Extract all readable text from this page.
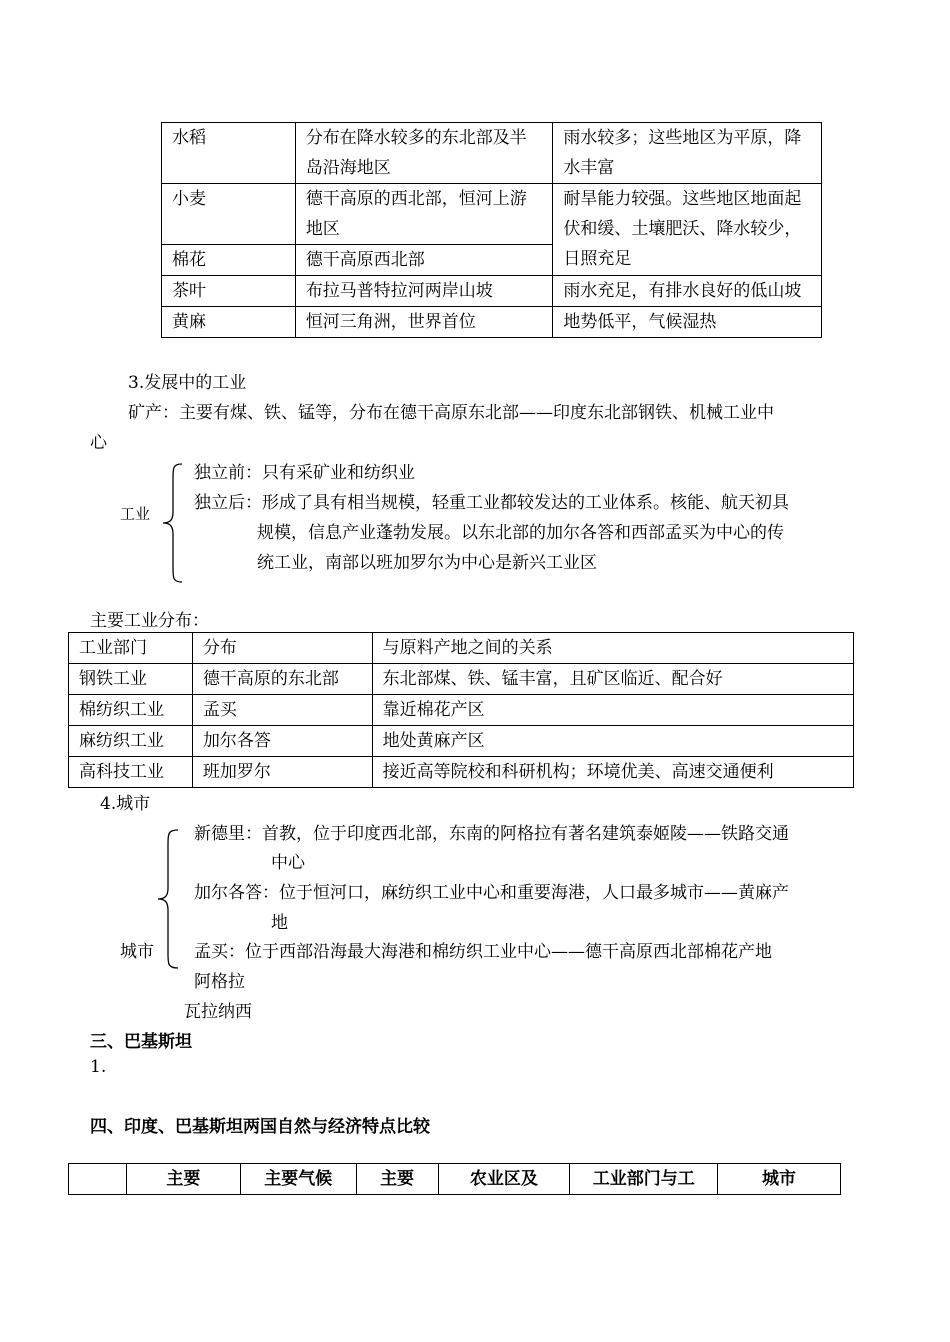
水稻	分布在降水较多的东北部及半岛沿海地区	雨水较多；这些地区为平原，降水丰富
小麦	德干高原的西北部，恒河上游地区	耐旱能力较强。这些地区地面起伏和缓、土壤肥沃、降水较少，日照充足
棉花	德干高原西北部	
茶叶	布拉马普特拉河两岸山坡	雨水充足，有排水良好的低山坡
黄麻	恒河三角洲，世界首位	地势低平，气候湿热
3.发展中的工业
矿产：主要有煤、铁、锰等，分布在德干高原东北部——印度东北部钢铁、机械工业中
心
工业
独立前：只有采矿业和纺织业
独立后：形成了具有相当规模，轻重工业都较发达的工业体系。核能、航天初具
规模，信息产业蓬勃发展。以东北部的加尔各答和西部孟买为中心的传
统工业，南部以班加罗尔为中心是新兴工业区
主要工业分布：
工业部门	分布	与原料产地之间的关系
钢铁工业	德干高原的东北部	东北部煤、铁、锰丰富，且矿区临近、配合好
棉纺织工业	孟买	靠近棉花产区
麻纺织工业	加尔各答	地处黄麻产区
高科技工业	班加罗尔	接近高等院校和科研机构；环境优美、高速交通便利
4.城市
城市
新德里：首教，位于印度西北部，东南的阿格拉有著名建筑泰姬陵——铁路交通
中心
加尔各答：位于恒河口，麻纺织工业中心和重要海港，人口最多城市——黄麻产
地
孟买：位于西部沿海最大海港和棉纺织工业中心——德干高原西北部棉花产地
阿格拉
瓦拉纳西
三、巴基斯坦
1.
四、印度、巴基斯坦两国自然与经济特点比较
	主要	主要气候	主要	农业区及	工业部门与工	城市
